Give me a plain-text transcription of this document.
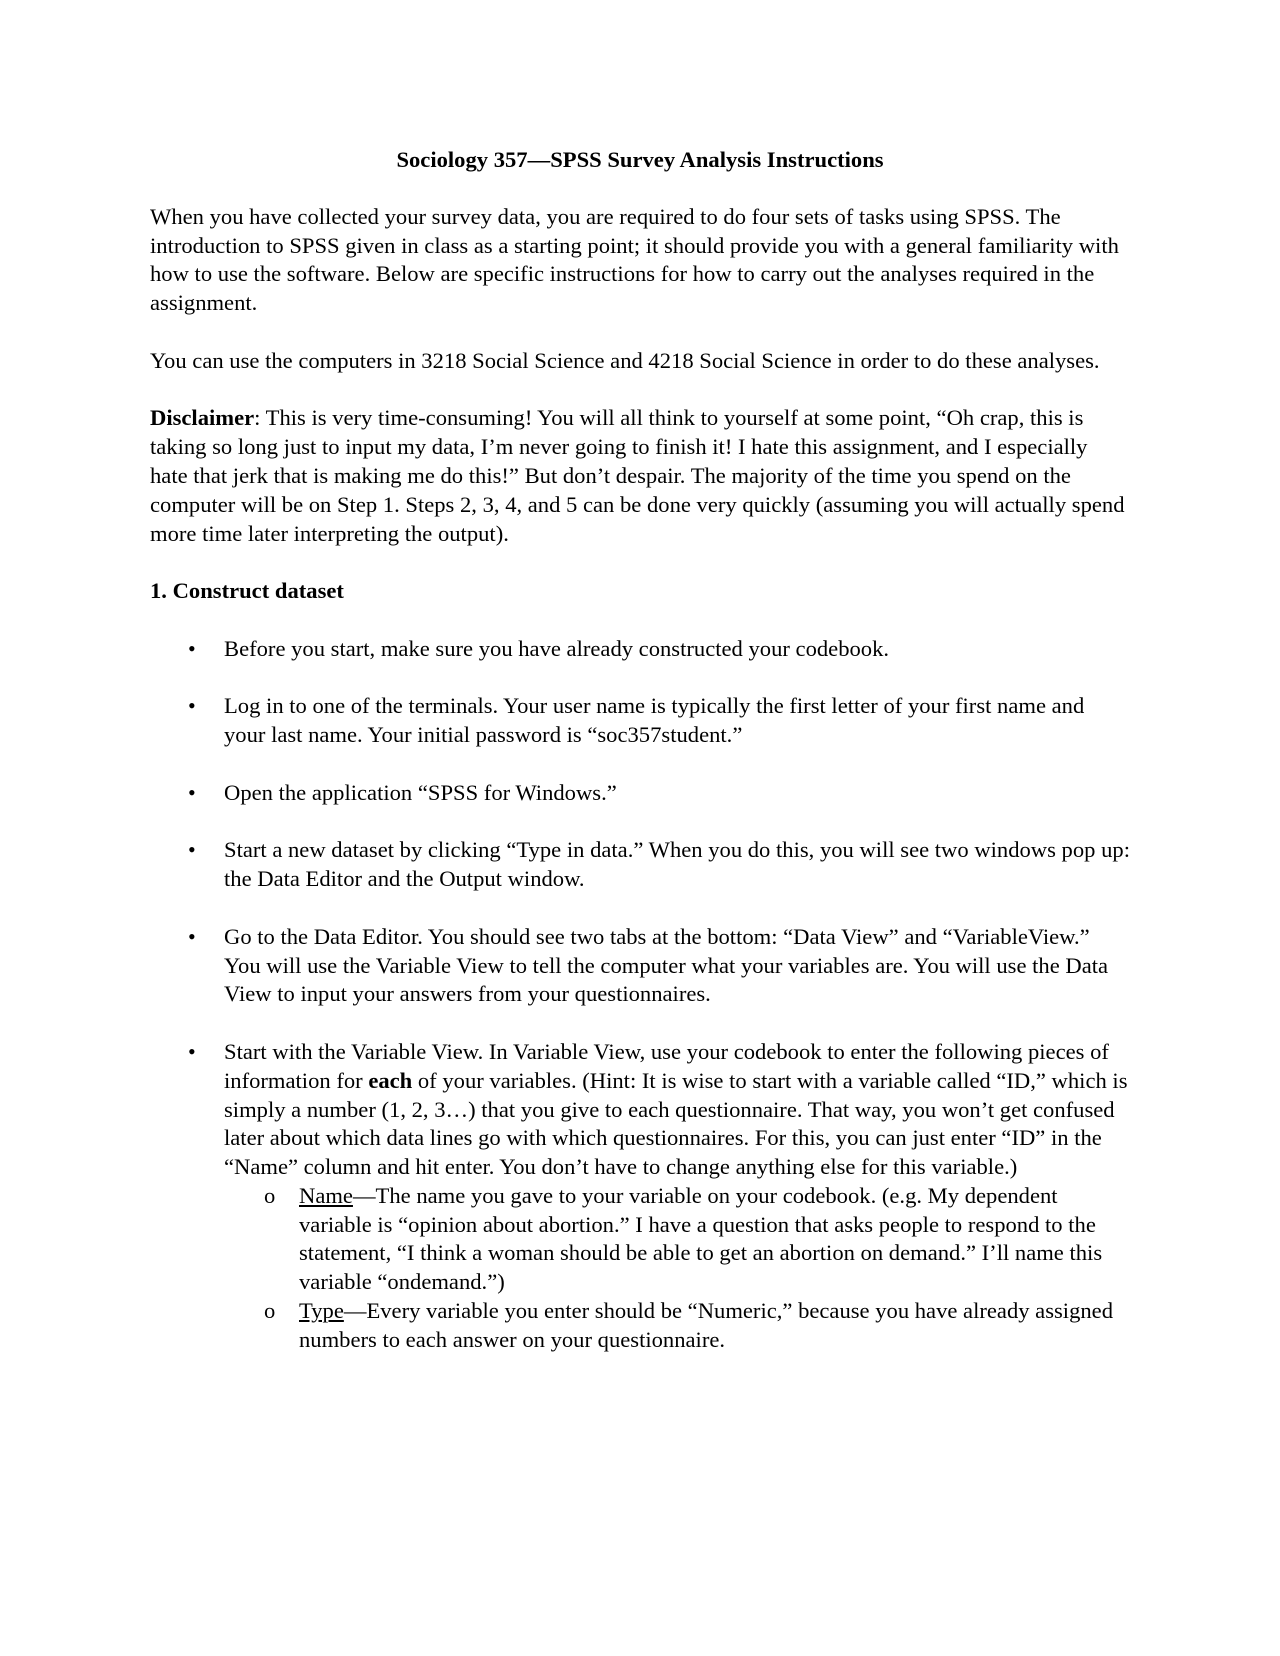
Sociology 357—SPSS Survey Analysis Instructions

When you have collected your survey data, you are required to do four sets of tasks using SPSS. The introduction to SPSS given in class as a starting point; it should provide you with a general familiarity with how to use the software. Below are specific instructions for how to carry out the analyses required in the assignment.

You can use the computers in 3218 Social Science and 4218 Social Science in order to do these analyses.

Disclaimer: This is very time-consuming! You will all think to yourself at some point, “Oh crap, this is taking so long just to input my data, I’m never going to finish it! I hate this assignment, and I especially hate that jerk that is making me do this!” But don’t despair. The majority of the time you spend on the computer will be on Step 1. Steps 2, 3, 4, and 5 can be done very quickly (assuming you will actually spend more time later interpreting the output).

1. Construct dataset
• Before you start, make sure you have already constructed your codebook.
• Log in to one of the terminals. Your user name is typically the first letter of your first name and your last name. Your initial password is “soc357student.”
• Open the application “SPSS for Windows.”
• Start a new dataset by clicking “Type in data.” When you do this, you will see two windows pop up: the Data Editor and the Output window.
• Go to the Data Editor. You should see two tabs at the bottom: “Data View” and “VariableView.” You will use the Variable View to tell the computer what your variables are. You will use the Data View to input your answers from your questionnaires.
• Start with the Variable View. In Variable View, use your codebook to enter the following pieces of information for each of your variables. (Hint: It is wise to start with a variable called “ID,” which is simply a number (1, 2, 3…) that you give to each questionnaire. That way, you won’t get confused later about which data lines go with which questionnaires. For this, you can just enter “ID” in the “Name” column and hit enter. You don’t have to change anything else for this variable.)
o Name—The name you gave to your variable on your codebook. (e.g. My dependent variable is “opinion about abortion.” I have a question that asks people to respond to the statement, “I think a woman should be able to get an abortion on demand.” I’ll name this variable “ondemand.”)
o Type—Every variable you enter should be “Numeric,” because you have already assigned numbers to each answer on your questionnaire.
